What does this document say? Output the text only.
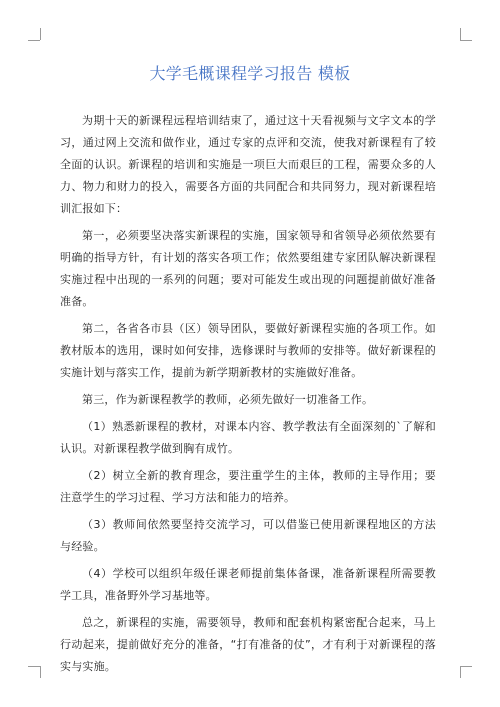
大学毛概课程学习报告 模板

为期十天的新课程远程培训结束了，通过这十天看视频与文字文本的学习，通过网上交流和做作业，通过专家的点评和交流，使我对新课程有了较全面的认识。新课程的培训和实施是一项巨大而艰巨的工程，需要众多的人力、物力和财力的投入，需要各方面的共同配合和共同努力，现对新课程培训汇报如下：

第一，必须要坚决落实新课程的实施，国家领导和省领导必须依然要有明确的指导方针，有计划的落实各项工作；依然要组建专家团队解决新课程实施过程中出现的一系列的问题；要对可能发生或出现的问题提前做好准备准备。

第二，各省各市县（区）领导团队，要做好新课程实施的各项工作。如教材版本的选用，课时如何安排，选修课时与教师的安排等。做好新课程的实施计划与落实工作，提前为新学期新教材的实施做好准备。

第三，作为新课程教学的教师，必须先做好一切准备工作。

（1）熟悉新课程的教材，对课本内容、教学教法有全面深刻的`了解和认识。对新课程教学做到胸有成竹。

（2）树立全新的教育理念，要注重学生的主体，教师的主导作用；要注意学生的学习过程、学习方法和能力的培养。

（3）教师间依然要坚持交流学习，可以借鉴已使用新课程地区的方法与经验。

（4）学校可以组织年级任课老师提前集体备课，准备新课程所需要教学工具，准备野外学习基地等。

总之，新课程的实施，需要领导，教师和配套机构紧密配合起来，马上行动起来，提前做好充分的准备，“打有准备的仗”，才有利于对新课程的落实与实施。
